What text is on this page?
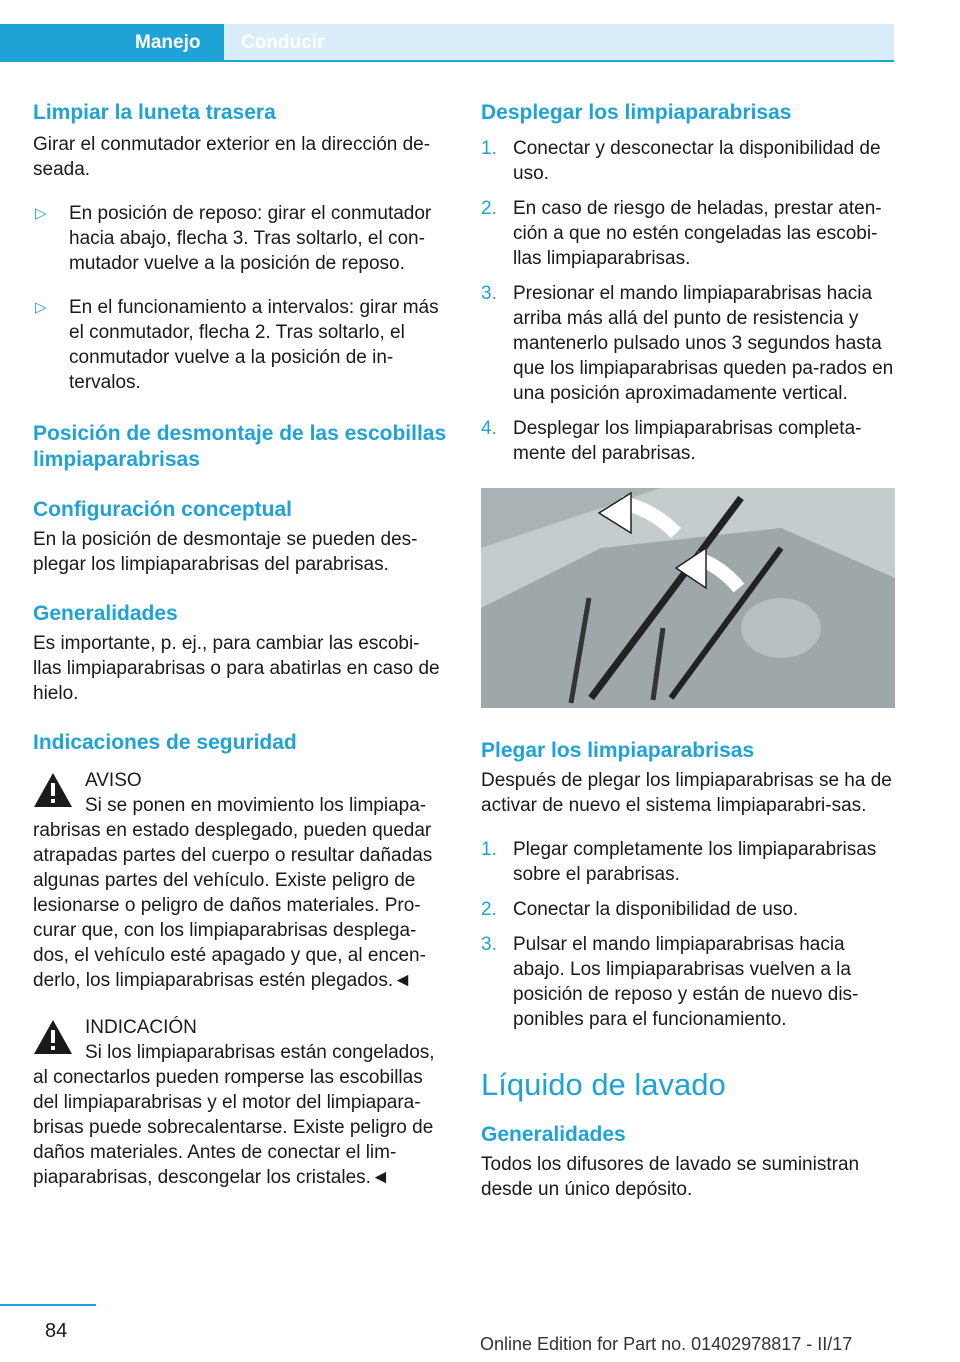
Manejo	Conducir
Limpiar la luneta trasera

Girar el conmutador exterior en la dirección de-seada.

▷ En posición de reposo: girar el conmutador hacia abajo, flecha 3. Tras soltarlo, el con-mutador vuelve a la posición de reposo.
▷ En el funcionamiento a intervalos: girar más el conmutador, flecha 2. Tras soltarlo, el conmutador vuelve a la posición de in-tervalos.
Posición de desmontaje de las escobillas limpiaparabrisas
Configuración conceptual

En la posición de desmontaje se pueden des-plegar los limpiaparabrisas del parabrisas.

Generalidades

Es importante, p. ej., para cambiar las escobi-llas limpiaparabrisas o para abatirlas en caso de hielo.

Indicaciones de seguridad

AVISO

Si se ponen en movimiento los limpiapa-rabrisas en estado desplegado, pueden quedar atrapadas partes del cuerpo o resultar dañadas algunas partes del vehículo. Existe peligro de lesionarse o peligro de daños materiales. Pro-curar que, con los limpiaparabrisas desplega-dos, el vehículo esté apagado y que, al encen-derlo, los limpiaparabrisas estén plegados.◄

INDICACIÓN

Si los limpiaparabrisas están congelados, al conectarlos pueden romperse las escobillas del limpiaparabrisas y el motor del limpiapara-brisas puede sobrecalentarse. Existe peligro de daños materiales. Antes de conectar el lim-piaparabrisas, descongelar los cristales.◄

Desplegar los limpiaparabrisas
1. Conectar y desconectar la disponibilidad de uso.
2. En caso de riesgo de heladas, prestar aten-ción a que no estén congeladas las escobi-llas limpiaparabrisas.
3. Presionar el mando limpiaparabrisas hacia arriba más allá del punto de resistencia y mantenerlo pulsado unos 3 segundos hasta que los limpiaparabrisas queden pa-rados en una posición aproximadamente vertical.
4. Desplegar los limpiaparabrisas completa-mente del parabrisas.
Plegar los limpiaparabrisas

Después de plegar los limpiaparabrisas se ha de activar de nuevo el sistema limpiaparabri-sas.

1. Plegar completamente los limpiaparabrisas sobre el parabrisas.
2. Conectar la disponibilidad de uso.
3. Pulsar el mando limpiaparabrisas hacia abajo. Los limpiaparabrisas vuelven a la posición de reposo y están de nuevo dis-ponibles para el funcionamiento.
Líquido de lavado
Generalidades

Todos los difusores de lavado se suministran desde un único depósito.

84
Online Edition for Part no. 01402978817 - II/17
